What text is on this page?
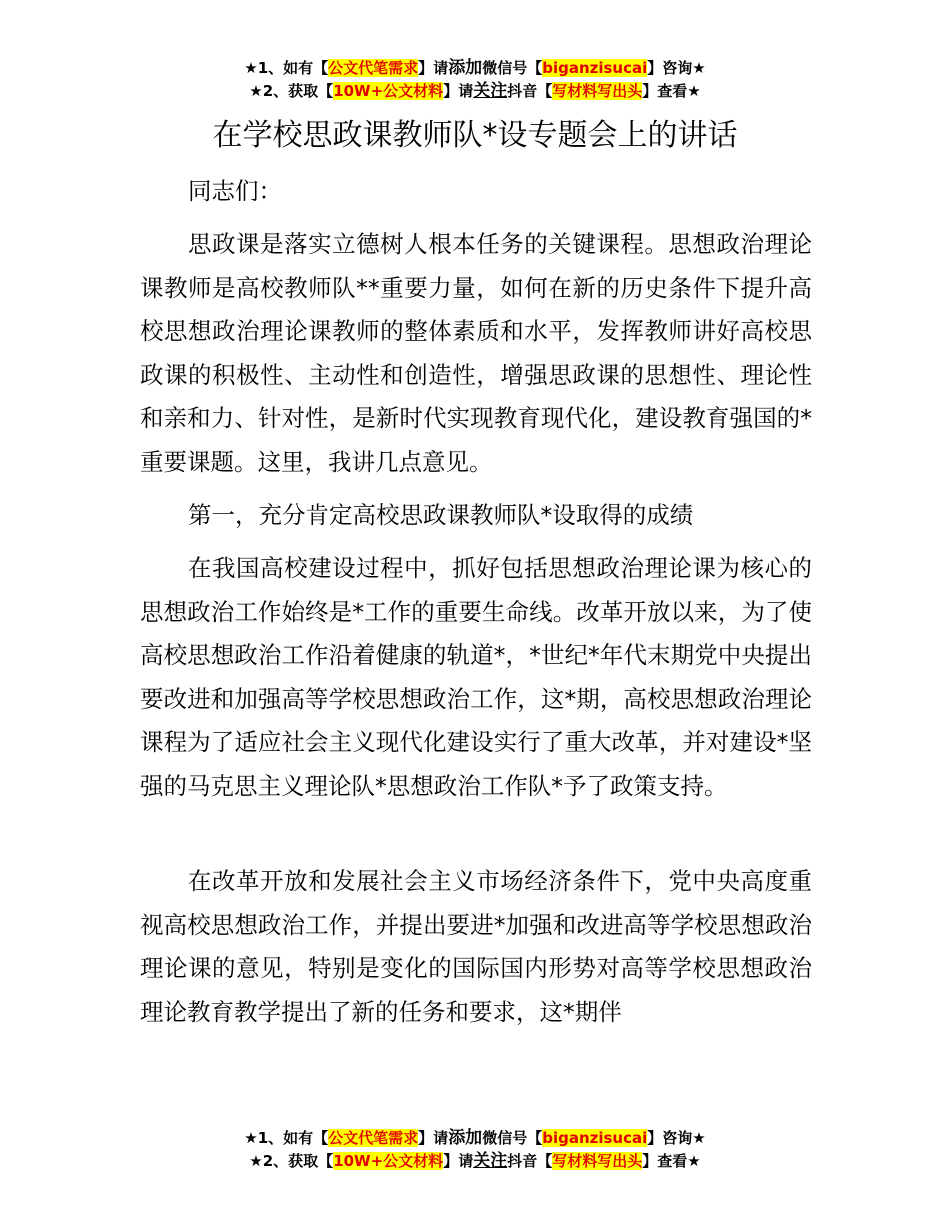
★1、如有【公文代笔需求】请添加微信号【biganzisucai】咨询★
★2、获取【10W+公文材料】请关注抖音【写材料写出头】查看★
在学校思政课教师队*设专题会上的讲话

同志们：

思政课是落实立德树人根本任务的关键课程。思想政治理论课教师是高校教师队**重要力量，如何在新的历史条件下提升高校思想政治理论课教师的整体素质和水平，发挥教师讲好高校思政课的积极性、主动性和创造性，增强思政课的思想性、理论性和亲和力、针对性，是新时代实现教育现代化，建设教育强国的*重要课题。这里，我讲几点意见。

第一，充分肯定高校思政课教师队*设取得的成绩

在我国高校建设过程中，抓好包括思想政治理论课为核心的思想政治工作始终是*工作的重要生命线。改革开放以来，为了使高校思想政治工作沿着健康的轨道*，*世纪*年代末期党中央提出要改进和加强高等学校思想政治工作，这*期，高校思想政治理论课程为了适应社会主义现代化建设实行了重大改革，并对建设*坚强的马克思主义理论队*思想政治工作队*予了政策支持。

在改革开放和发展社会主义市场经济条件下，党中央高度重视高校思想政治工作，并提出要进*加强和改进高等学校思想政治理论课的意见，特别是变化的国际国内形势对高等学校思想政治理论教育教学提出了新的任务和要求，这*期伴

★1、如有【公文代笔需求】请添加微信号【biganzisucai】咨询★
★2、获取【10W+公文材料】请关注抖音【写材料写出头】查看★
